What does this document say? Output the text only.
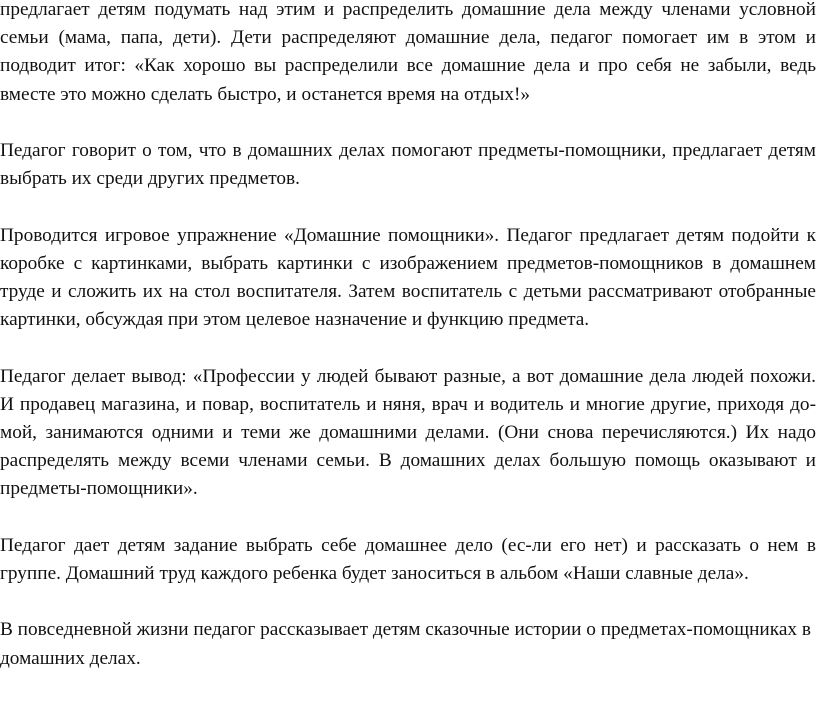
предлагает детям подумать над этим и распределить домашние дела между членами условной семьи (мама, папа, дети). Дети распределяют домашние дела, педагог помогает им в этом и подводит итог: «Как хорошо вы распределили все домашние дела и про себя не забыли, ведь вместе это можно сделать быстро, и останется время на отдых!»

Педагог говорит о том, что в домашних делах помогают предметы-помощники, предлагает детям выбрать их среди других предметов.

Проводится игровое упражнение «Домашние помощники». Педагог предлагает детям подойти к коробке с картинками, выбрать картинки с изображением предметов-помощников в домашнем труде и сложить их на стол воспитателя. Затем воспитатель с детьми рассматривают отобранные картинки, обсуждая при этом целевое назначение и функцию предмета.

Педагог делает вывод: «Профессии у людей бывают разные, а вот домашние дела людей похожи. И продавец магазина, и повар, воспитатель и няня, врач и водитель и многие другие, приходя до-мой, занимаются одними и теми же домашними делами. (Они снова перечисляются.) Их надо распределять между всеми членами семьи. В домашних делах большую помощь оказывают и предметы-помощники».

Педагог дает детям задание выбрать себе домашнее дело (ес-ли его нет) и рассказать о нем в группе. Домашний труд каждого ребенка будет заноситься в альбом «Наши славные дела».

В повседневной жизни педагог рассказывает детям сказочные истории о предметах-помощниках в домашних делах.
